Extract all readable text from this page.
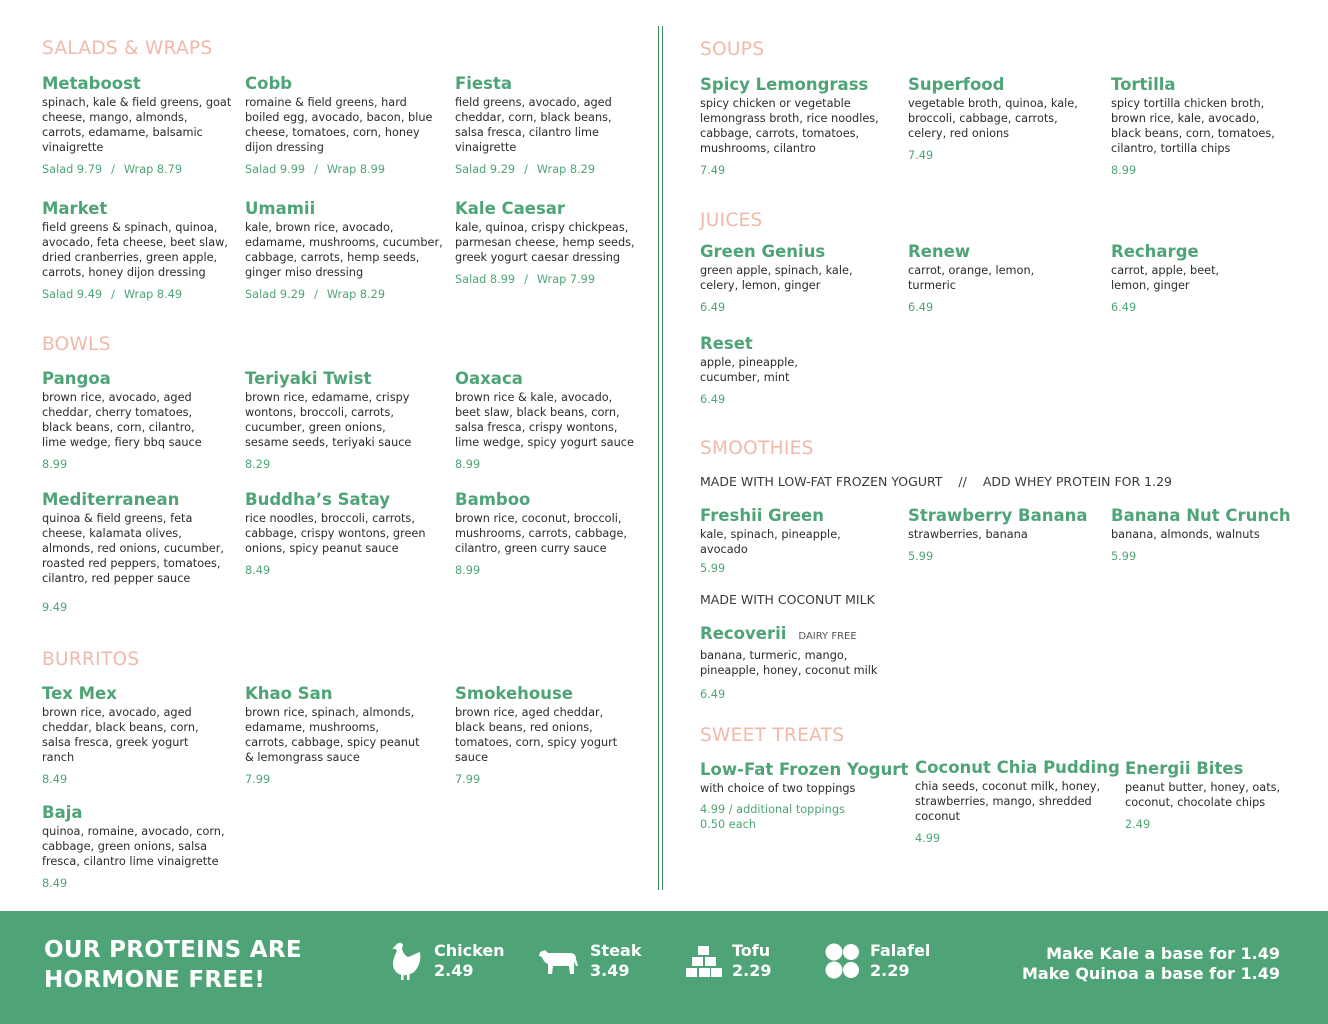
SALADS & WRAPS
Metaboost
spinach, kale & field greens, goat cheese, mango, almonds, carrots, edamame, balsamic vinaigrette
Salad 9.79 / Wrap 8.79
Cobb
romaine & field greens, hard boiled egg, avocado, bacon, blue cheese, tomatoes, corn, honey dijon dressing
Salad 9.99 / Wrap 8.99
Fiesta
field greens, avocado, aged cheddar, corn, black beans, salsa fresca, cilantro lime vinaigrette
Salad 9.29 / Wrap 8.29
Market
field greens & spinach, quinoa, avocado, feta cheese, beet slaw, dried cranberries, green apple, carrots, honey dijon dressing
Salad 9.49 / Wrap 8.49
Umamii
kale, brown rice, avocado, edamame, mushrooms, cucumber, cabbage, carrots, hemp seeds, ginger miso dressing
Salad 9.29 / Wrap 8.29
Kale Caesar
kale, quinoa, crispy chickpeas, parmesan cheese, hemp seeds, greek yogurt caesar dressing
Salad 8.99 / Wrap 7.99
BOWLS
Pangoa
brown rice, avocado, aged cheddar, cherry tomatoes, black beans, corn, cilantro, lime wedge, fiery bbq sauce
8.99
Teriyaki Twist
brown rice, edamame, crispy wontons, broccoli, carrots, cucumber, green onions, sesame seeds, teriyaki sauce
8.29
Oaxaca
brown rice & kale, avocado, beet slaw, black beans, corn, salsa fresca, crispy wontons, lime wedge, spicy yogurt sauce
8.99
Mediterranean
quinoa & field greens, feta cheese, kalamata olives, almonds, red onions, cucumber, roasted red peppers, tomatoes, cilantro, red pepper sauce
9.49
Buddha’s Satay
rice noodles, broccoli, carrots, cabbage, crispy wontons, green onions, spicy peanut sauce
8.49
Bamboo
brown rice, coconut, broccoli, mushrooms, carrots, cabbage, cilantro, green curry sauce
8.99
BURRITOS
Tex Mex
brown rice, avocado, aged cheddar, black beans, corn, salsa fresca, greek yogurt ranch
8.49
Khao San
brown rice, spinach, almonds, edamame, mushrooms, carrots, cabbage, spicy peanut & lemongrass sauce
7.99
Smokehouse
brown rice, aged cheddar, black beans, red onions, tomatoes, corn, spicy yogurt sauce
7.99
Baja
quinoa, romaine, avocado, corn, cabbage, green onions, salsa fresca, cilantro lime vinaigrette
8.49
SOUPS
Spicy Lemongrass
spicy chicken or vegetable lemongrass broth, rice noodles, cabbage, carrots, tomatoes, mushrooms, cilantro
7.49
Superfood
vegetable broth, quinoa, kale, broccoli, cabbage, carrots, celery, red onions
7.49
Tortilla
spicy tortilla chicken broth, brown rice, kale, avocado, black beans, corn, tomatoes, cilantro, tortilla chips
8.99
JUICES
Green Genius
green apple, spinach, kale, celery, lemon, ginger
6.49
Renew
carrot, orange, lemon, turmeric
6.49
Recharge
carrot, apple, beet, lemon, ginger
6.49
Reset
apple, pineapple, cucumber, mint
6.49
SMOOTHIES
MADE WITH LOW-FAT FROZEN YOGURT // ADD WHEY PROTEIN FOR 1.29
Freshii Green
kale, spinach, pineapple, avocado
5.99
Strawberry Banana
strawberries, banana
5.99
Banana Nut Crunch
banana, almonds, walnuts
5.99
MADE WITH COCONUT MILK
Recoverii DAIRY FREE
banana, turmeric, mango, pineapple, honey, coconut milk
6.49
SWEET TREATS
Low-Fat Frozen Yogurt
with choice of two toppings
4.99 / additional toppings 0.50 each
Coconut Chia Pudding
chia seeds, coconut milk, honey, strawberries, mango, shredded coconut
4.99
Energii Bites
peanut butter, honey, oats, coconut, chocolate chips
2.49
OUR PROTEINS ARE
HORMONE FREE!
Chicken
2.49
Steak
3.49
Tofu
2.29
Falafel
2.29
Make Kale a base for 1.49
Make Quinoa a base for 1.49
